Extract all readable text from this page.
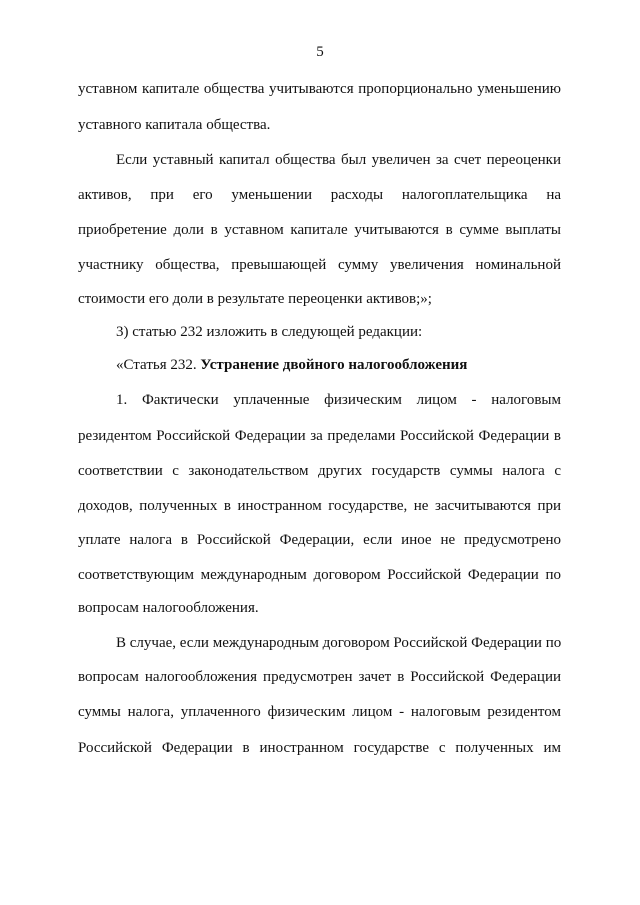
5
уставном капитале общества учитываются пропорционально уменьшению
уставного капитала общества.
Если уставный капитал общества был увеличен за счет переоценки
активов, при его уменьшении расходы налогоплательщика на
приобретение доли в уставном капитале учитываются в сумме выплаты
участнику общества, превышающей сумму увеличения номинальной
стоимости его доли в результате переоценки активов;»;
3) статью 232 изложить в следующей редакции:
«Статья 232. Устранение двойного налогообложения
1. Фактически уплаченные физическим лицом - налоговым
резидентом Российской Федерации за пределами Российской Федерации в
соответствии с законодательством других государств суммы налога с
доходов, полученных в иностранном государстве, не засчитываются при
уплате налога в Российской Федерации, если иное не предусмотрено
соответствующим международным договором Российской Федерации по
вопросам налогообложения.
В случае, если международным договором Российской Федерации по
вопросам налогообложения предусмотрен зачет в Российской Федерации
суммы налога, уплаченного физическим лицом - налоговым резидентом
Российской Федерации в иностранном государстве с полученных им
